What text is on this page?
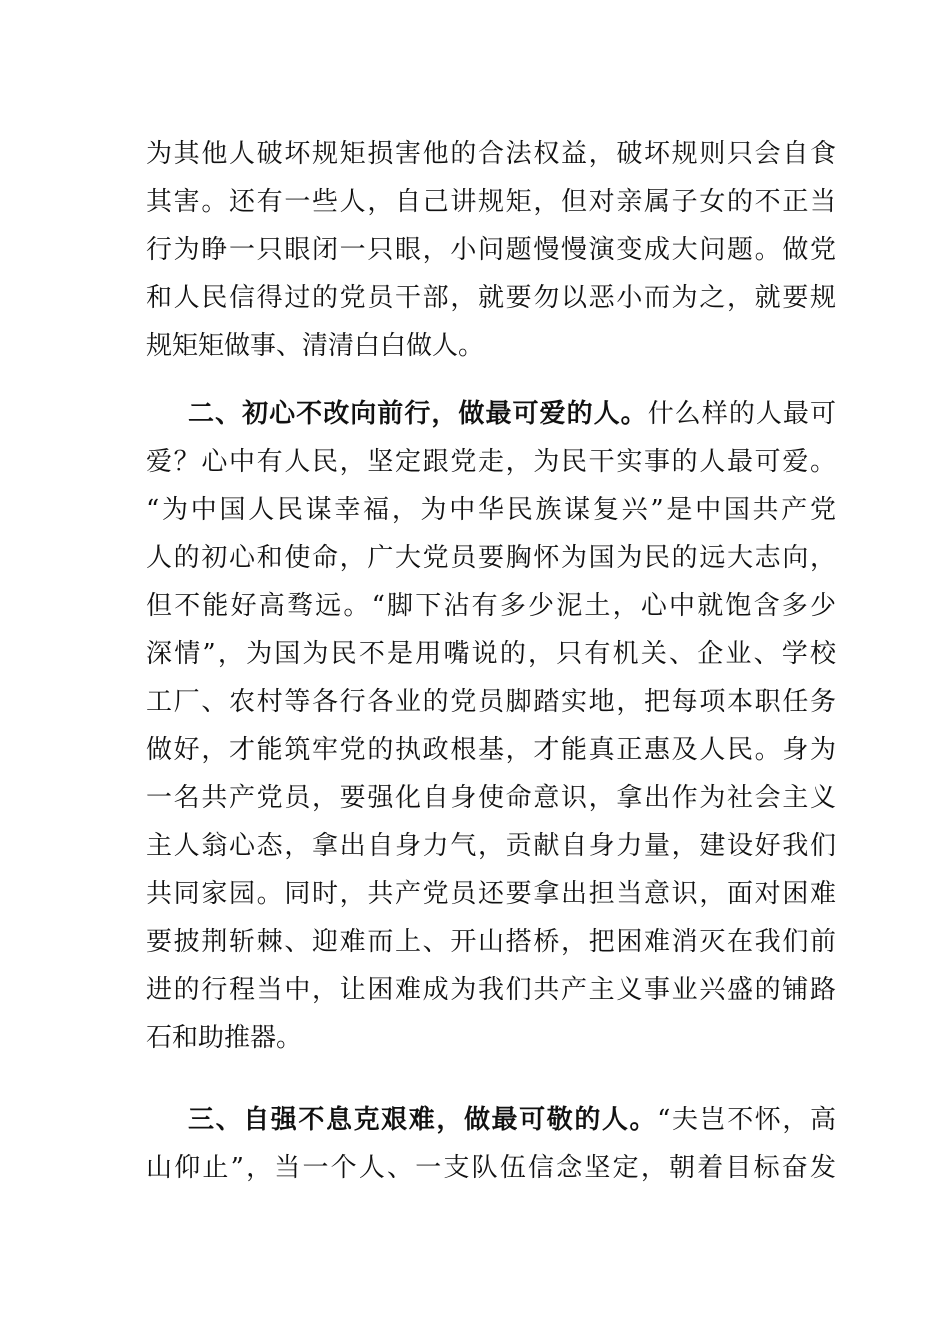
为其他人破坏规矩损害他的合法权益，破坏规则只会自食
其害。还有一些人，自己讲规矩，但对亲属子女的不正当
行为睁一只眼闭一只眼，小问题慢慢演变成大问题。做党
和人民信得过的党员干部，就要勿以恶小而为之，就要规
规矩矩做事、清清白白做人。
二、初心不改向前行，做最可爱的人。什么样的人最可
爱？心中有人民，坚定跟党走，为民干实事的人最可爱。
“为中国人民谋幸福，为中华民族谋复兴”是中国共产党
人的初心和使命，广大党员要胸怀为国为民的远大志向，
但不能好高骛远。“脚下沾有多少泥土，心中就饱含多少
深情”，为国为民不是用嘴说的，只有机关、企业、学校
工厂、农村等各行各业的党员脚踏实地，把每项本职任务
做好，才能筑牢党的执政根基，才能真正惠及人民。身为
一名共产党员，要强化自身使命意识，拿出作为社会主义
主人翁心态，拿出自身力气，贡献自身力量，建设好我们
共同家园。同时，共产党员还要拿出担当意识，面对困难
要披荆斩棘、迎难而上、开山搭桥，把困难消灭在我们前
进的行程当中，让困难成为我们共产主义事业兴盛的铺路
石和助推器。
三、自强不息克艰难，做最可敬的人。“夫岂不怀，高
山仰止”，当一个人、一支队伍信念坚定，朝着目标奋发
